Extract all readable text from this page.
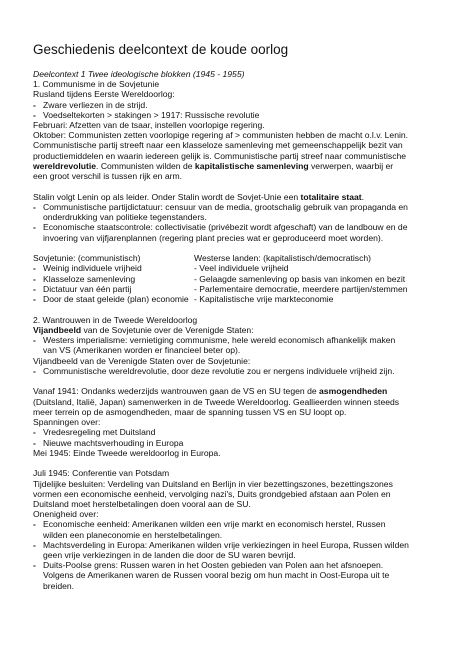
Geschiedenis deelcontext de koude oorlog
Deelcontext 1 Twee ideologische blokken (1945 - 1955)
1. Communisme in de Sovjetunie
Rusland tijdens Eerste Wereldoorlog:
- Zware verliezen in de strijd.
- Voedseltekorten > stakingen > 1917: Russische revolutie
Februari: Afzetten van de tsaar, instellen voorlopige regering.
Oktober: Communisten zetten voorlopige regering af > communisten hebben de macht o.l.v. Lenin.
Communistische partij streeft naar een klasseloze samenleving met gemeenschappelijk bezit van
productiemiddelen en waarin iedereen gelijk is. Communistische partij streef naar communistische
wereldrevolutie. Communisten wilden de kapitalistische samenleving verwerpen, waarbij er
een groot verschil is tussen rijk en arm.
Stalin volgt Lenin op als leider. Onder Stalin wordt de Sovjet-Unie een totalitaire staat.
- Communistische partijdictatuur: censuur van de media, grootschalig gebruik van propaganda en
onderdrukking van politieke tegenstanders.
- Economische staatscontrole: collectivisatie (privébezit wordt afgeschaft) van de landbouw en de
invoering van vijfjarenplannen (regering plant precies wat er geproduceerd moet worden).
Sovjetunie: (communistisch)
- Weinig individuele vrijheid
- Klasseloze samenleving
- Dictatuur van één partij
- Door de staat geleide (plan) economie
Westerse landen: (kapitalistisch/democratisch)
- Veel individuele vrijheid
- Gelaagde samenleving op basis van inkomen en bezit
- Parlementaire democratie, meerdere partijen/stemmen
- Kapitalistische vrije markteconomie
2. Wantrouwen in de Tweede Wereldoorlog
Vijandbeeld van de Sovjetunie over de Verenigde Staten:
- Westers imperialisme: vernietiging communisme, hele wereld economisch afhankelijk maken
van VS (Amerikanen worden er financieel beter op).
Vijandbeeld van de Verenigde Staten over de Sovjetunie:
- Communistische wereldrevolutie, door deze revolutie zou er nergens individuele vrijheid zijn.
Vanaf 1941: Ondanks wederzijds wantrouwen gaan de VS en SU tegen de asmogendheden
(Duitsland, Italië, Japan) samenwerken in de Tweede Wereldoorlog. Geallieerden winnen steeds
meer terrein op de asmogendheden, maar de spanning tussen VS en SU loopt op.
Spanningen over:
- Vredesregeling met Duitsland
- Nieuwe machtsverhouding in Europa
Mei 1945: Einde Tweede wereldoorlog in Europa.
Juli 1945: Conferentie van Potsdam
Tijdelijke besluiten: Verdeling van Duitsland en Berlijn in vier bezettingszones, bezettingszones
vormen een economische eenheid, vervolging nazi's, Duits grondgebied afstaan aan Polen en
Duitsland moet herstelbetalingen doen vooral aan de SU.
Onenigheid over:
- Economische eenheid: Amerikanen wilden een vrije markt en economisch herstel, Russen
wilden een planeconomie en herstelbetalingen.
- Machtsverdeling in Europa: Amerikanen wilden vrije verkiezingen in heel Europa, Russen wilden
geen vrije verkiezingen in de landen die door de SU waren bevrijd.
- Duits-Poolse grens: Russen waren in het Oosten gebieden van Polen aan het afsnoepen.
Volgens de Amerikanen waren de Russen vooral bezig om hun macht in Oost-Europa uit te
breiden.
